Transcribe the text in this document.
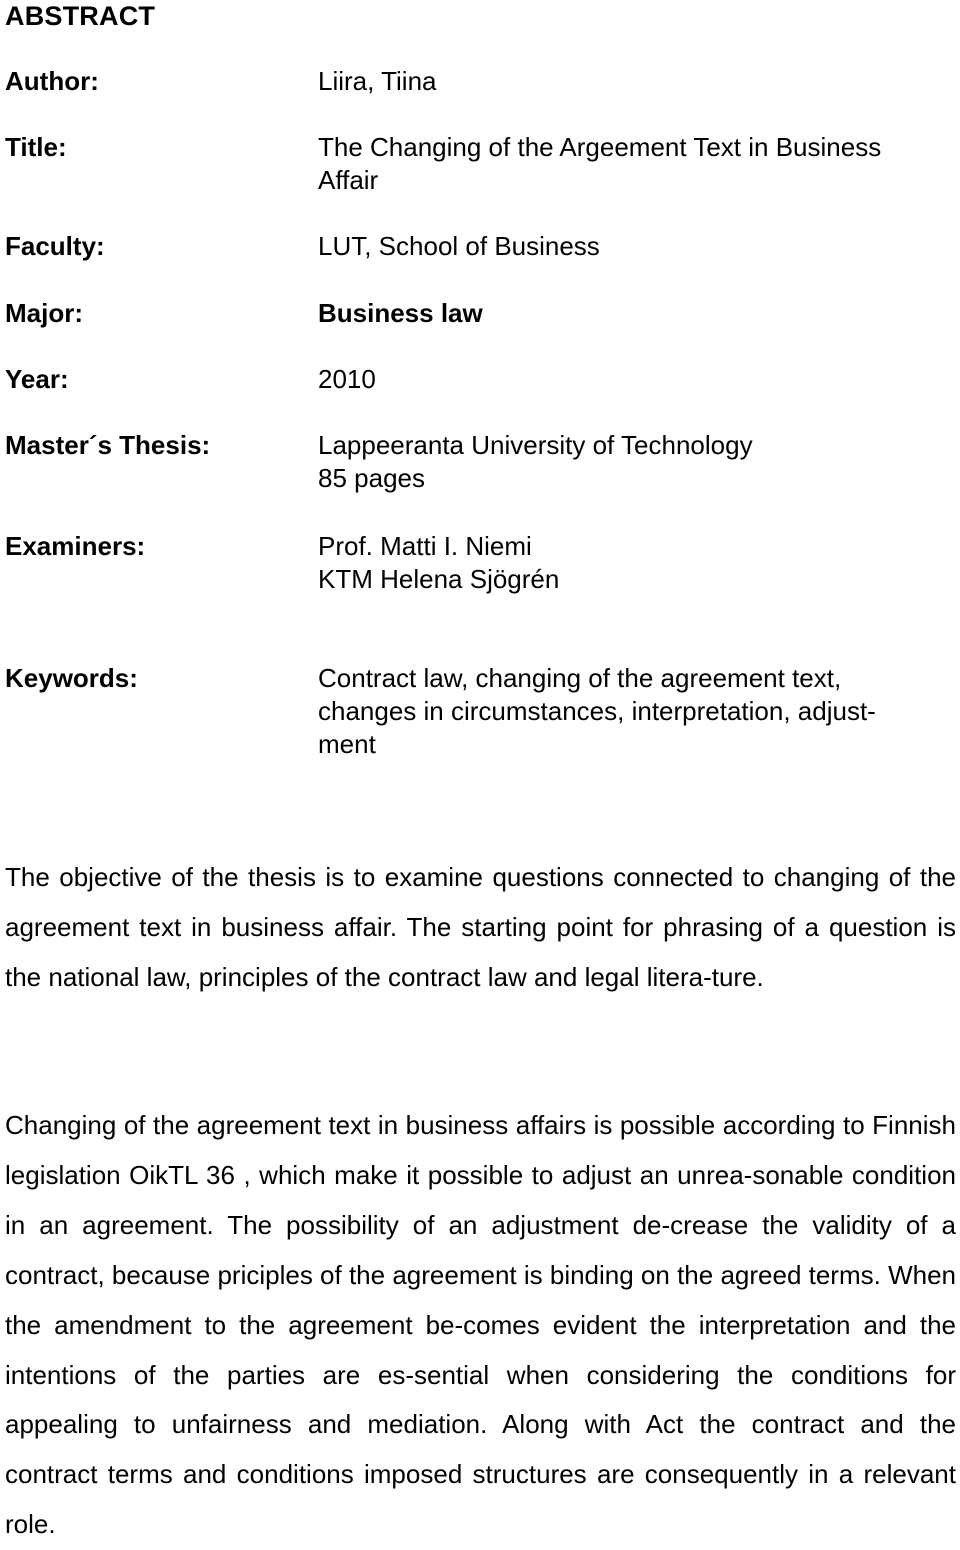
ABSTRACT
Author:	Liira, Tiina
Title:	The Changing of the Argeement Text in Business
Affair
Faculty:	LUT, School of Business
Major:	Business law
Year:	2010
Master´s Thesis:	Lappeeranta University of Technology
85 pages
Examiners:	Prof. Matti I. Niemi
KTM Helena Sjögrén
Keywords:	Contract law, changing of the agreement text,
changes in circumstances, interpretation, adjust-
ment

The objective of the thesis is to examine questions connected to changing of the agreement text in business affair. The starting point for phrasing of a question is the national law, principles of the contract law and legal litera-ture.

Changing of the agreement text in business affairs is possible according to Finnish legislation OikTL 36 , which make it possible to adjust an unrea-sonable condition in an agreement. The possibility of an adjustment de-crease the validity of a contract, because priciples of the agreement is binding on the agreed terms. When the amendment to the agreement be-comes evident the interpretation and the intentions of the parties are es-sential when considering the conditions for appealing to unfairness and mediation. Along with Act the contract and the contract terms and conditions imposed structures are consequently in a relevant role.
